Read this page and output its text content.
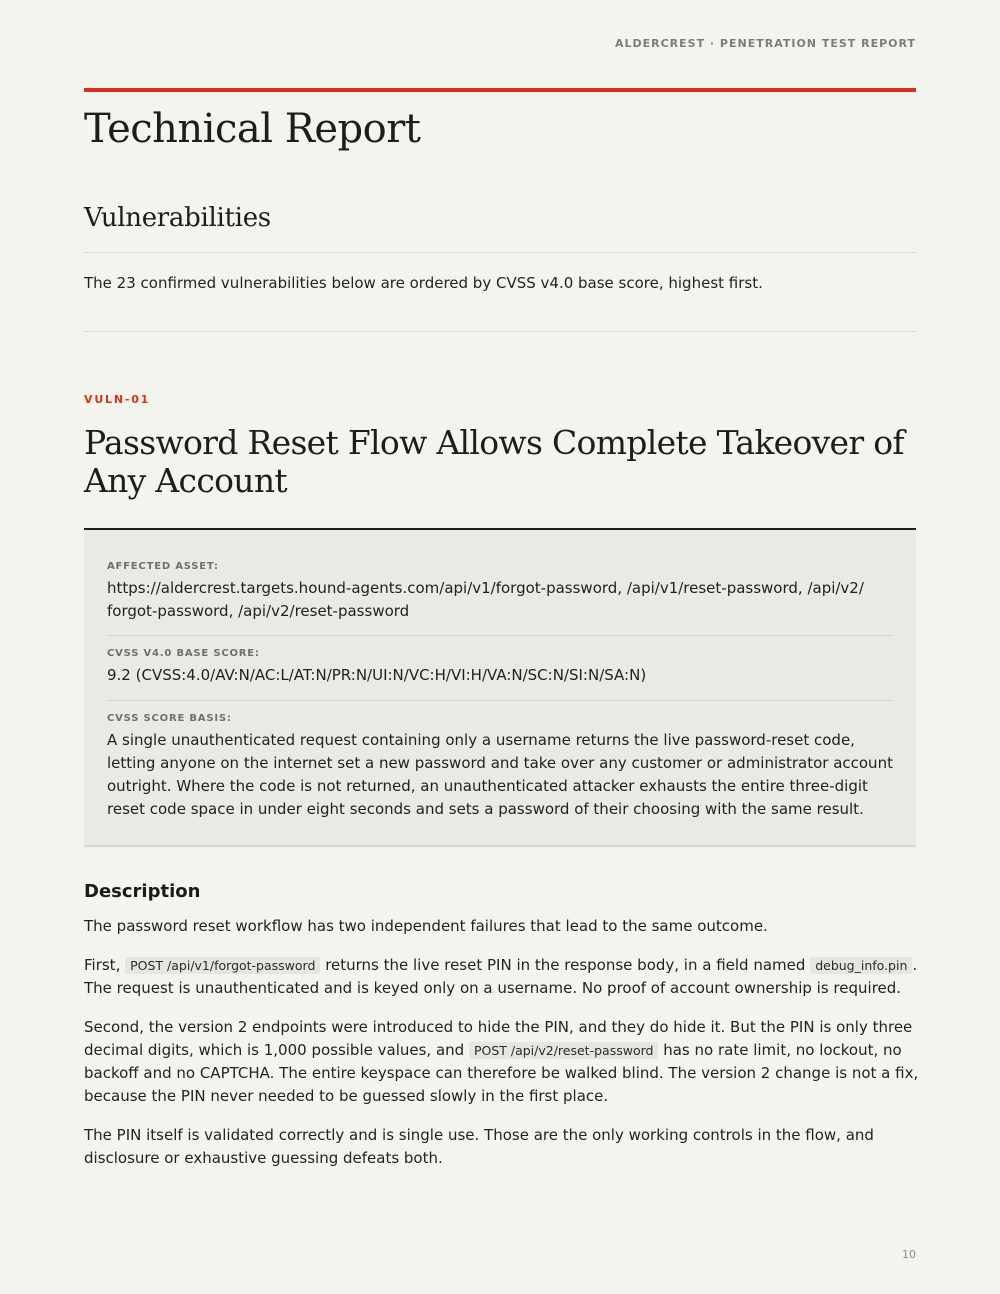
ALDERCREST · PENETRATION TEST REPORT
Technical Report
Vulnerabilities

The 23 confirmed vulnerabilities below are ordered by CVSS v4.0 base score, highest first.

VULN-01
Password Reset Flow Allows Complete Takeover of Any Account
AFFECTED ASSET:
https://aldercrest.targets.hound-agents.com/api/v1/forgot-password, /api/v1/reset-password, /api/v2/ forgot-password, /api/v2/reset-password
CVSS V4.0 BASE SCORE:
9.2 (CVSS:4.0/AV:N/AC:L/AT:N/PR:N/UI:N/VC:H/VI:H/VA:N/SC:N/SI:N/SA:N)
CVSS SCORE BASIS:
A single unauthenticated request containing only a username returns the live password-reset code, letting anyone on the internet set a new password and take over any customer or administrator account outright. Where the code is not returned, an unauthenticated attacker exhausts the entire three-digit reset code space in under eight seconds and sets a password of their choosing with the same result.
Description

The password reset workflow has two independent failures that lead to the same outcome.

First, POST /api/v1/forgot-password returns the live reset PIN in the response body, in a field named debug_info.pin . The request is unauthenticated and is keyed only on a username. No proof of account ownership is required.

Second, the version 2 endpoints were introduced to hide the PIN, and they do hide it. But the PIN is only three decimal digits, which is 1,000 possible values, and POST /api/v2/reset-password has no rate limit, no lockout, no backoff and no CAPTCHA. The entire keyspace can therefore be walked blind. The version 2 change is not a fix, because the PIN never needed to be guessed slowly in the first place.

The PIN itself is validated correctly and is single use. Those are the only working controls in the flow, and disclosure or exhaustive guessing defeats both.

10
